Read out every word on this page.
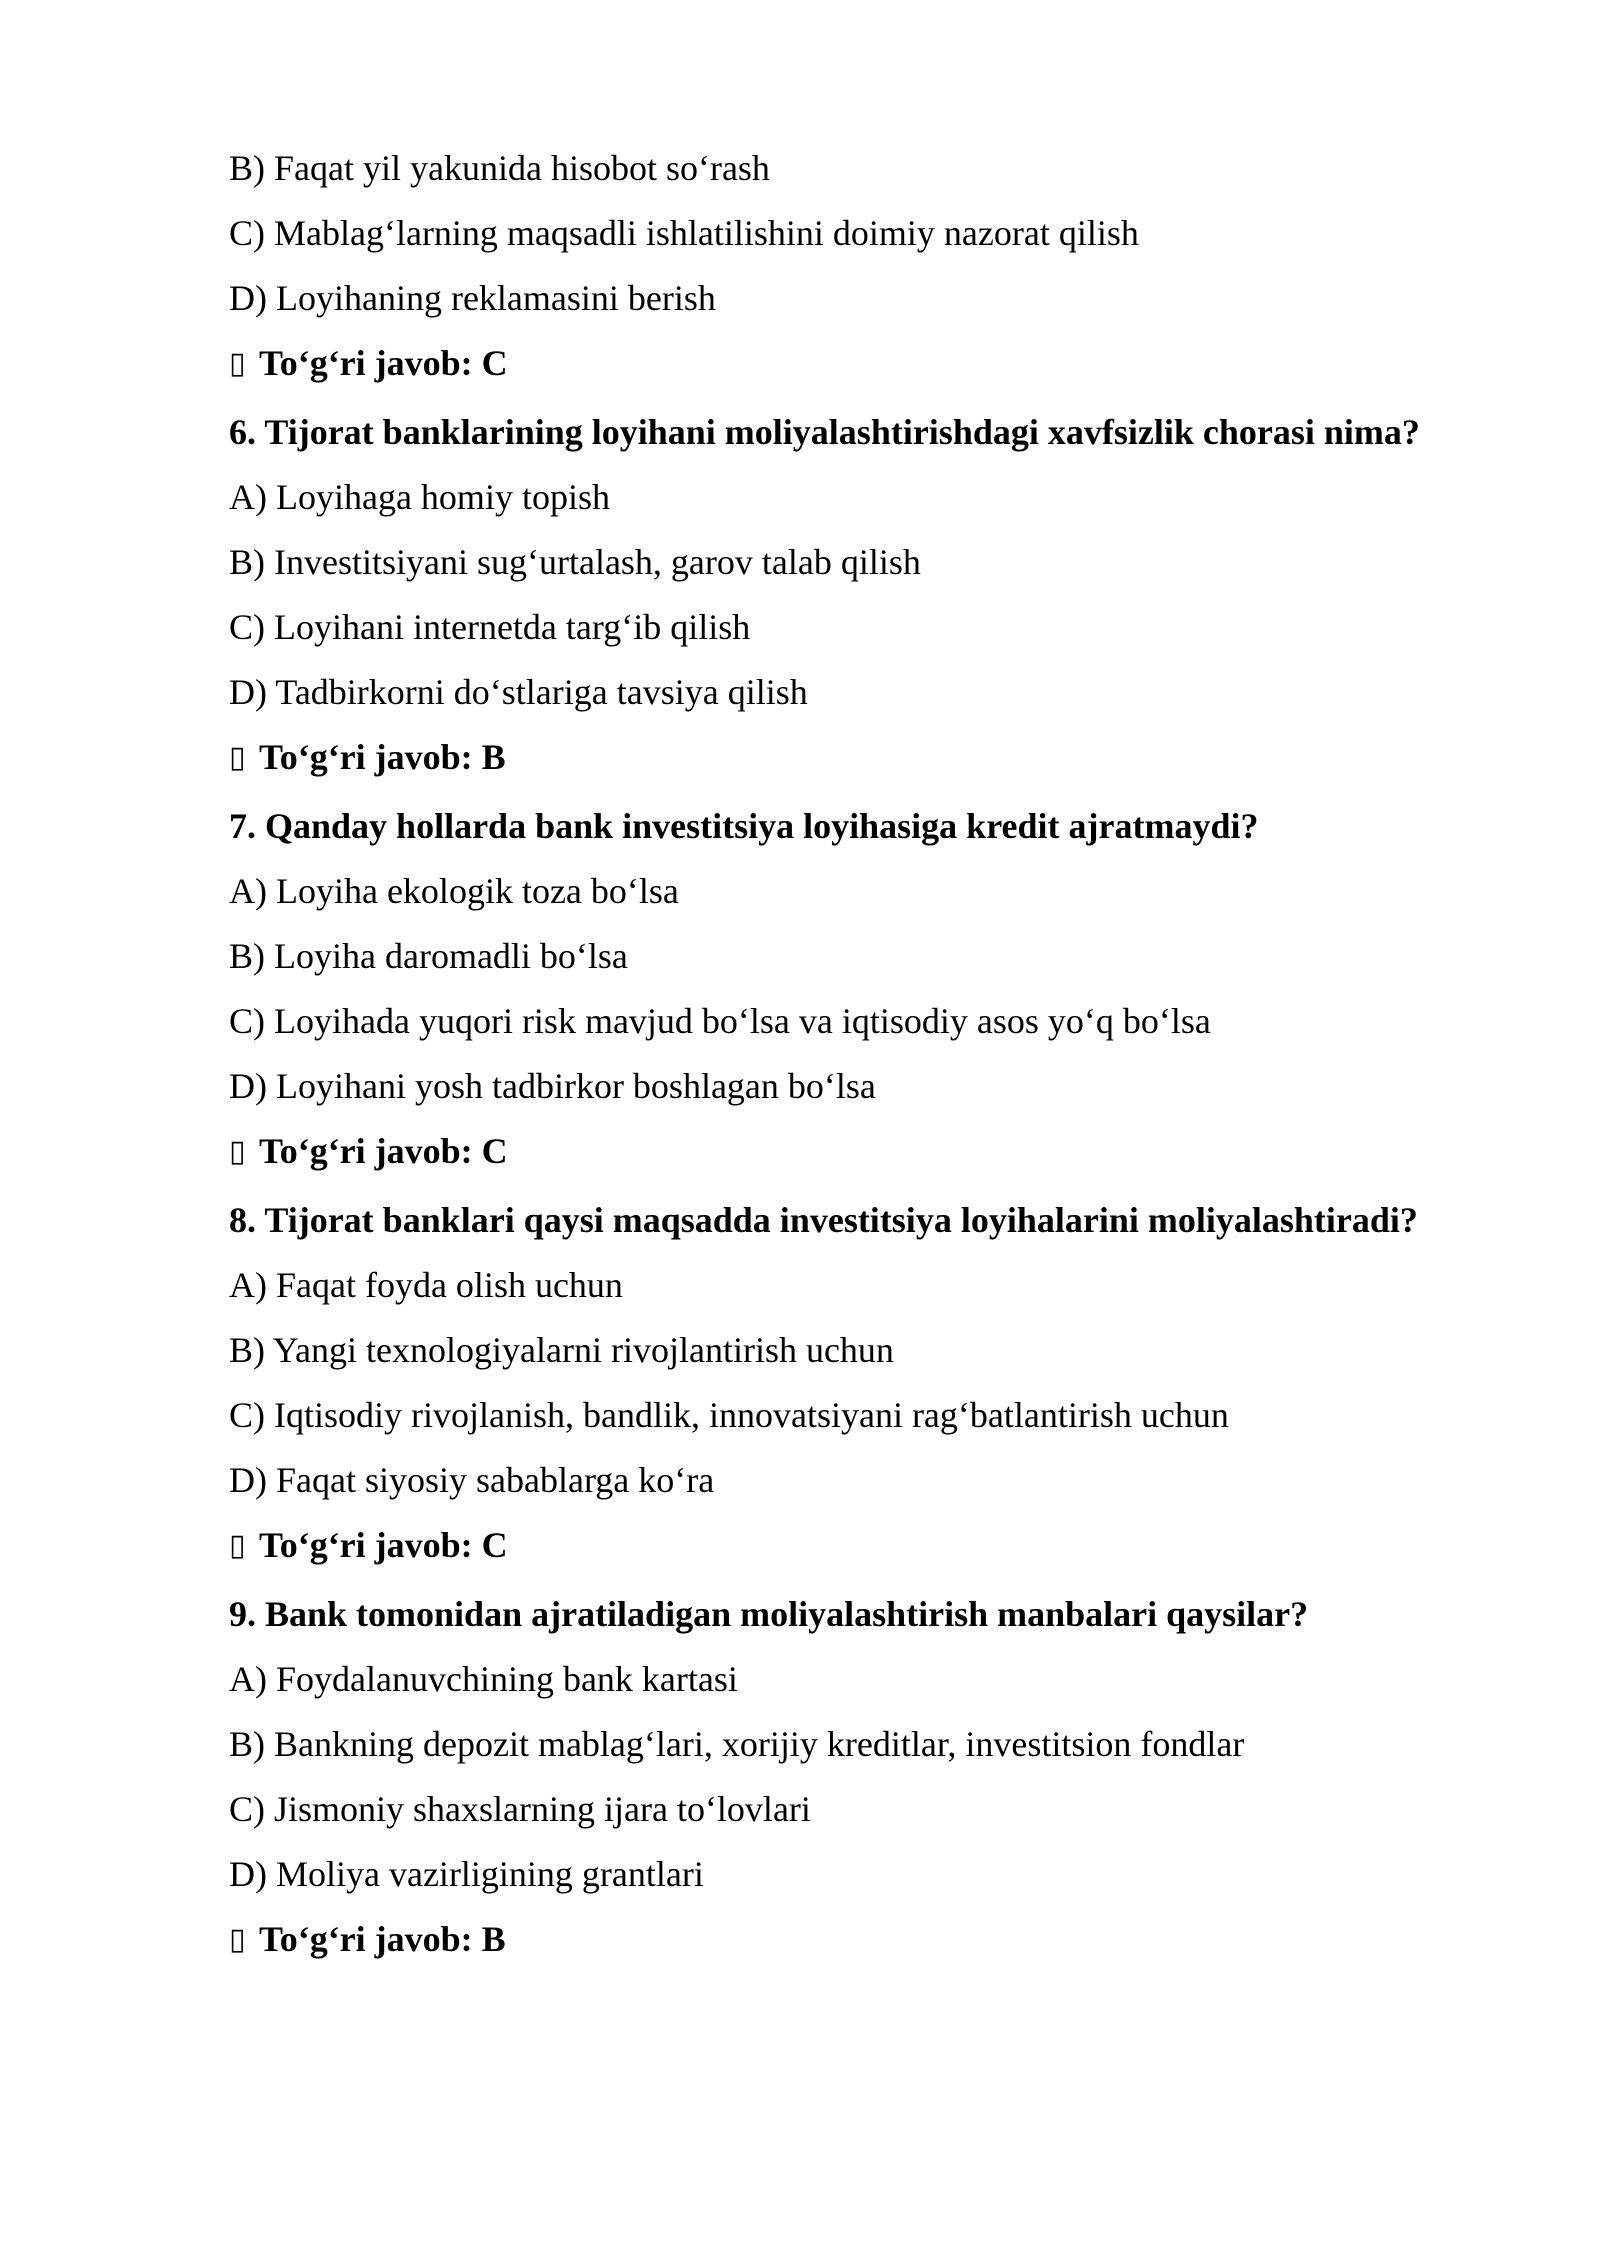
B) Faqat yil yakunida hisobot so‘rash
C) Mablag‘larning maqsadli ishlatilishini doimiy nazorat qilish
D) Loyihaning reklamasini berish
▯ To‘g‘ri javob: C
6. Tijorat banklarining loyihani moliyalashtirishdagi xavfsizlik chorasi nima?
A) Loyihaga homiy topish
B) Investitsiyani sug‘urtalash, garov talab qilish
C) Loyihani internetda targ‘ib qilish
D) Tadbirkorni do‘stlariga tavsiya qilish
▯ To‘g‘ri javob: B
7. Qanday hollarda bank investitsiya loyihasiga kredit ajratmaydi?
A) Loyiha ekologik toza bo‘lsa
B) Loyiha daromadli bo‘lsa
C) Loyihada yuqori risk mavjud bo‘lsa va iqtisodiy asos yo‘q bo‘lsa
D) Loyihani yosh tadbirkor boshlagan bo‘lsa
▯ To‘g‘ri javob: C
8. Tijorat banklari qaysi maqsadda investitsiya loyihalarini moliyalashtiradi?
A) Faqat foyda olish uchun
B) Yangi texnologiyalarni rivojlantirish uchun
C) Iqtisodiy rivojlanish, bandlik, innovatsiyani rag‘batlantirish uchun
D) Faqat siyosiy sabablarga ko‘ra
▯ To‘g‘ri javob: C
9. Bank tomonidan ajratiladigan moliyalashtirish manbalari qaysilar?
A) Foydalanuvchining bank kartasi
B) Bankning depozit mablag‘lari, xorijiy kreditlar, investitsion fondlar
C) Jismoniy shaxslarning ijara to‘lovlari
D) Moliya vazirligining grantlari
▯ To‘g‘ri javob: B
